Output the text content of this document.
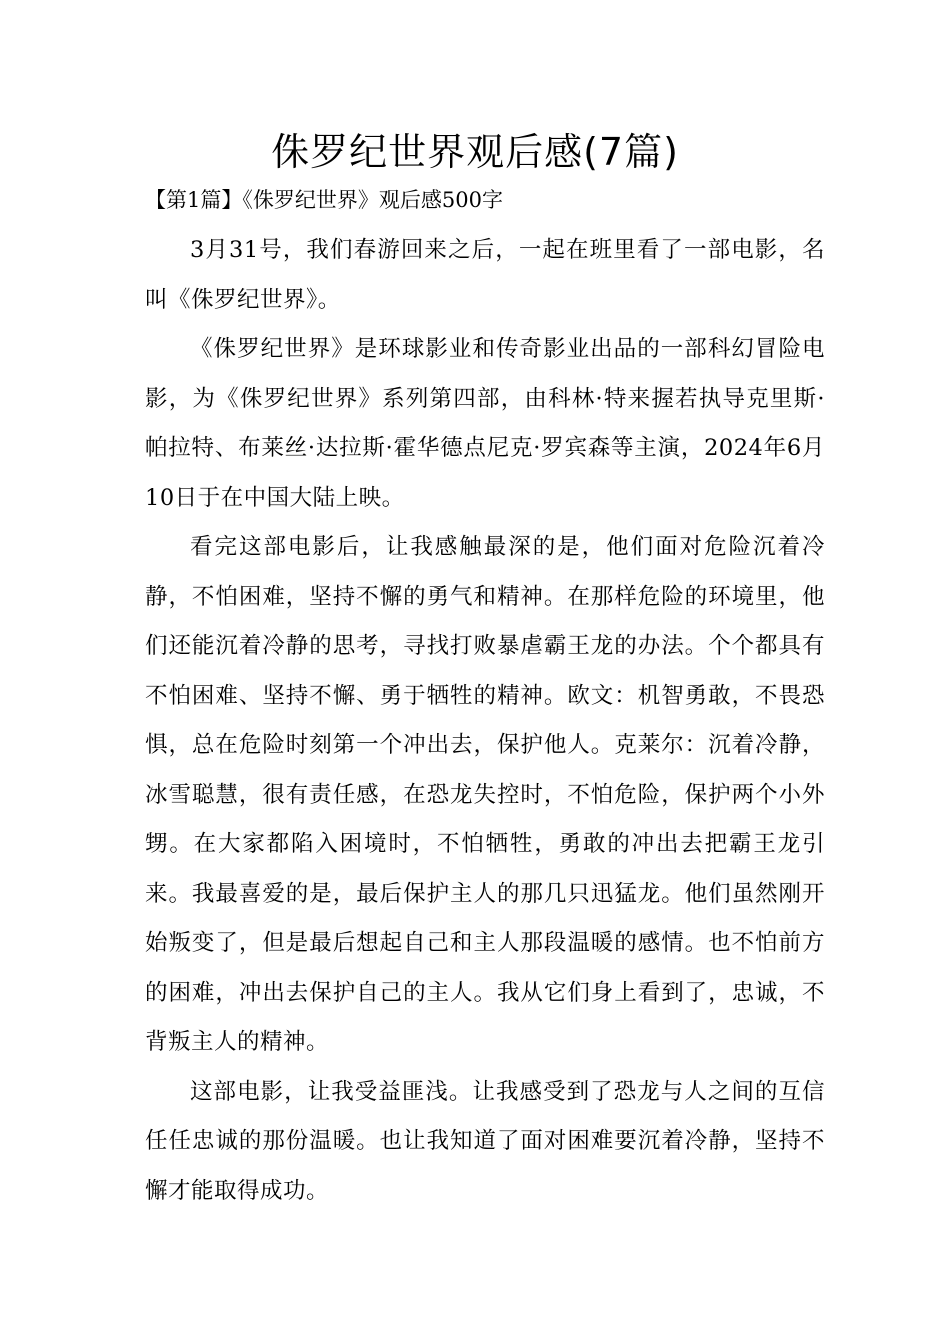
侏罗纪世界观后感(7篇)
【第1篇】《侏罗纪世界》观后感500字

3月31号，我们春游回来之后，一起在班里看了一部电影，名叫《侏罗纪世界》。

《侏罗纪世界》是环球影业和传奇影业出品的一部科幻冒险电影，为《侏罗纪世界》系列第四部，由科林·特来握若执导克里斯·帕拉特、布莱丝·达拉斯·霍华德点尼克·罗宾森等主演，2024年6月10日于在中国大陆上映。

看完这部电影后，让我感触最深的是，他们面对危险沉着冷静，不怕困难，坚持不懈的勇气和精神。在那样危险的环境里，他们还能沉着冷静的思考，寻找打败暴虐霸王龙的办法。个个都具有不怕困难、坚持不懈、勇于牺牲的精神。欧文：机智勇敢，不畏恐惧，总在危险时刻第一个冲出去，保护他人。克莱尔：沉着冷静，冰雪聪慧，很有责任感，在恐龙失控时，不怕危险，保护两个小外甥。在大家都陷入困境时，不怕牺牲，勇敢的冲出去把霸王龙引来。我最喜爱的是，最后保护主人的那几只迅猛龙。他们虽然刚开始叛变了，但是最后想起自己和主人那段温暖的感情。也不怕前方的困难，冲出去保护自己的主人。我从它们身上看到了，忠诚，不背叛主人的精神。

这部电影，让我受益匪浅。让我感受到了恐龙与人之间的互信任任忠诚的那份温暖。也让我知道了面对困难要沉着冷静，坚持不懈才能取得成功。
